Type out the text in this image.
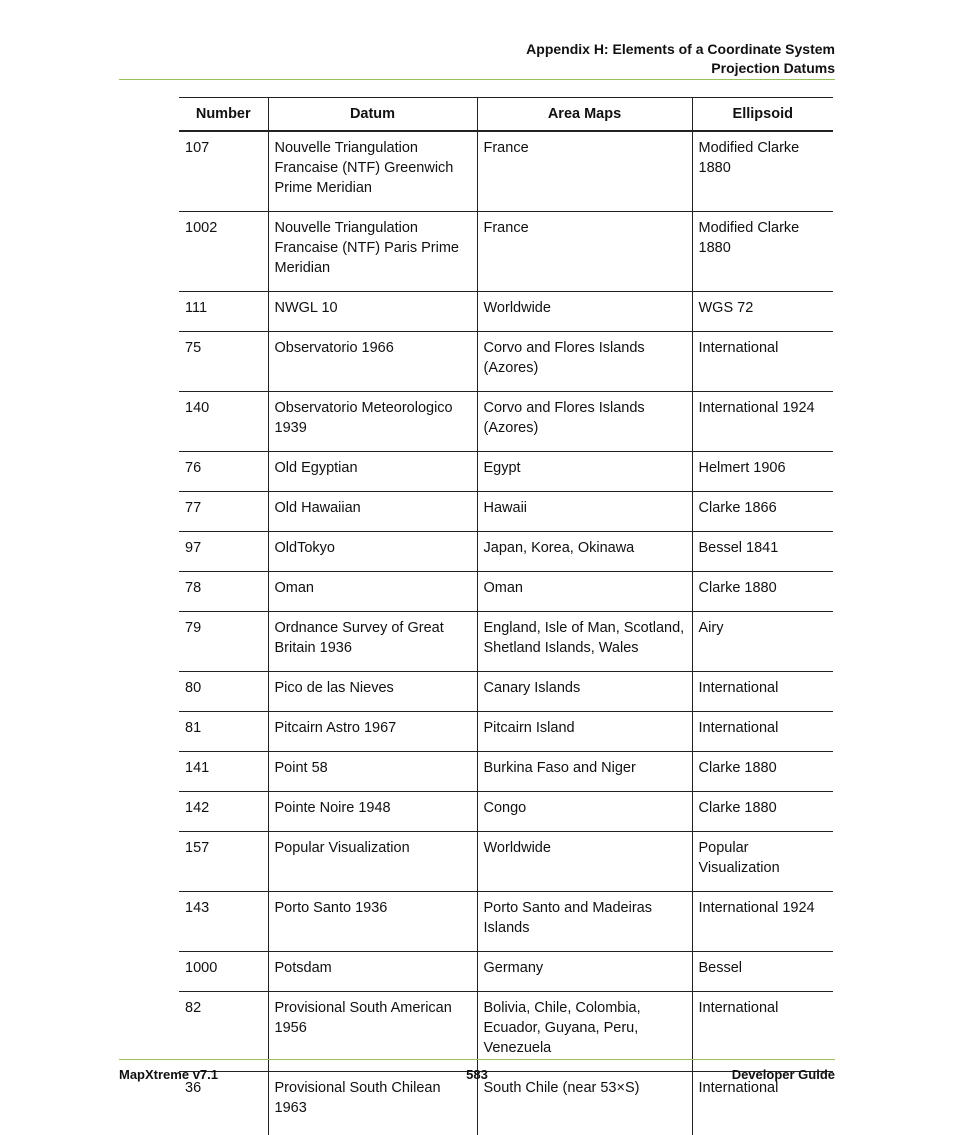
Appendix H: Elements of a Coordinate System
Projection Datums
Number	Datum	Area Maps	Ellipsoid
107	Nouvelle Triangulation Francaise (NTF) Greenwich Prime Meridian	France	Modified Clarke 1880
1002	Nouvelle Triangulation Francaise (NTF) Paris Prime Meridian	France	Modified Clarke 1880
111	NWGL 10	Worldwide	WGS 72
75	Observatorio 1966	Corvo and Flores Islands (Azores)	International
140	Observatorio Meteorologico 1939	Corvo and Flores Islands (Azores)	International 1924
76	Old Egyptian	Egypt	Helmert 1906
77	Old Hawaiian	Hawaii	Clarke 1866
97	OldTokyo	Japan, Korea, Okinawa	Bessel 1841
78	Oman	Oman	Clarke 1880
79	Ordnance Survey of Great Britain 1936	England, Isle of Man, Scotland, Shetland Islands, Wales	Airy
80	Pico de las Nieves	Canary Islands	International
81	Pitcairn Astro 1967	Pitcairn Island	International
141	Point 58	Burkina Faso and Niger	Clarke 1880
142	Pointe Noire 1948	Congo	Clarke 1880
157	Popular Visualization	Worldwide	Popular Visualization
143	Porto Santo 1936	Porto Santo and Madeiras Islands	International 1924
1000	Potsdam	Germany	Bessel
82	Provisional South American 1956	Bolivia, Chile, Colombia, Ecuador, Guyana, Peru, Venezuela	International
36	Provisional South Chilean 1963	South Chile (near 53×S)	International
MapXtreme v7.1	583	Developer Guide
